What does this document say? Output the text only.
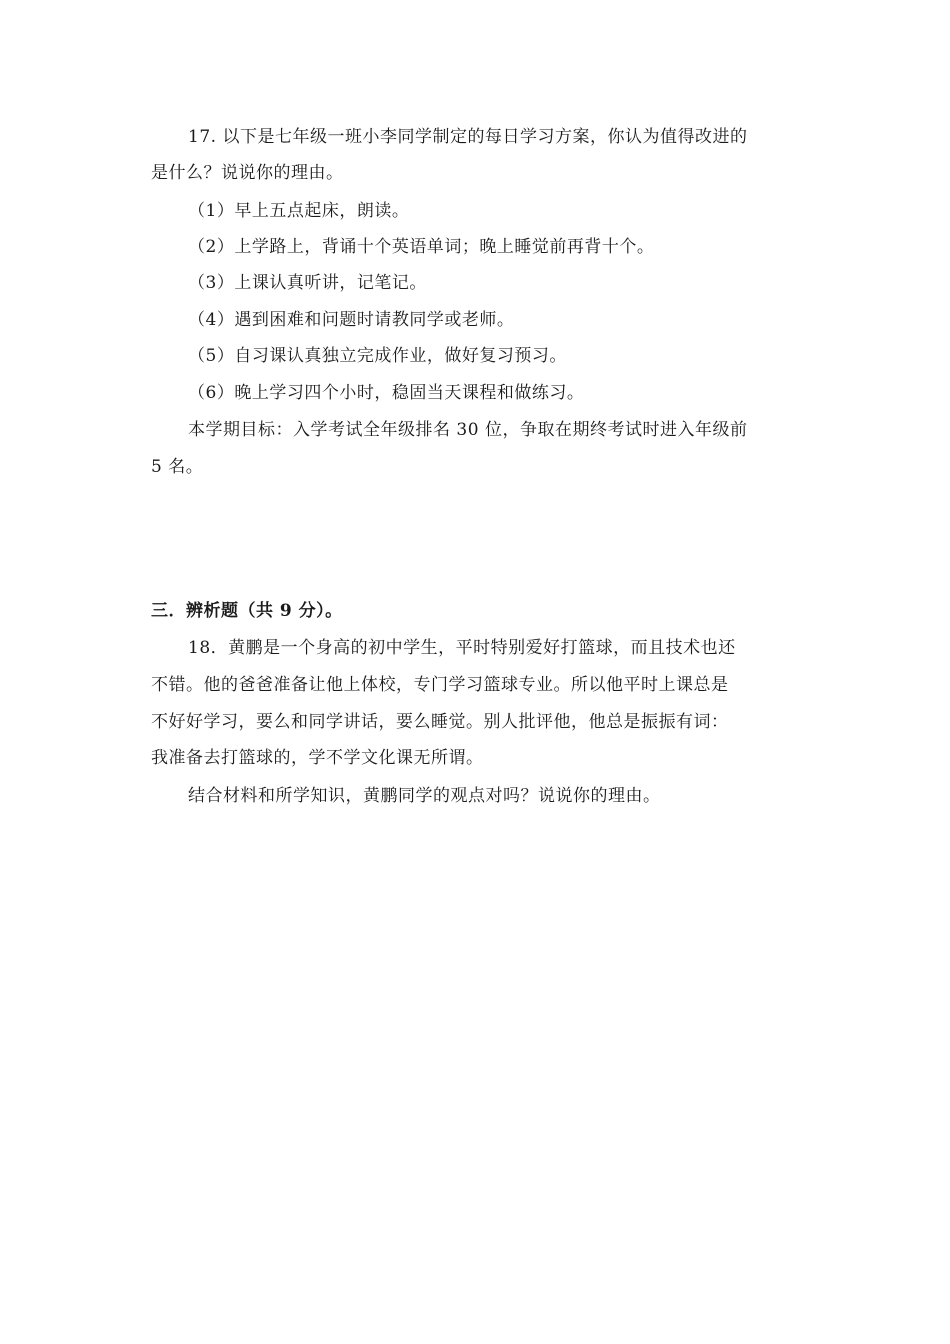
17. 以下是七年级一班小李同学制定的每日学习方案，你认为值得改进的
是什么？说说你的理由。
（1）早上五点起床，朗读。
（2）上学路上，背诵十个英语单词；晚上睡觉前再背十个。
（3）上课认真听讲，记笔记。
（4）遇到困难和问题时请教同学或老师。
（5）自习课认真独立完成作业，做好复习预习。
（6）晚上学习四个小时，稳固当天课程和做练习。
本学期目标：入学考试全年级排名 30 位，争取在期终考试时进入年级前
5 名。
三．辨析题（共 9 分）。
18．黄鹏是一个身高的初中学生，平时特别爱好打篮球，而且技术也还
不错。他的爸爸准备让他上体校，专门学习篮球专业。所以他平时上课总是
不好好学习，要么和同学讲话，要么睡觉。别人批评他，他总是振振有词：
我准备去打篮球的，学不学文化课无所谓。
结合材料和所学知识，黄鹏同学的观点对吗？说说你的理由。
